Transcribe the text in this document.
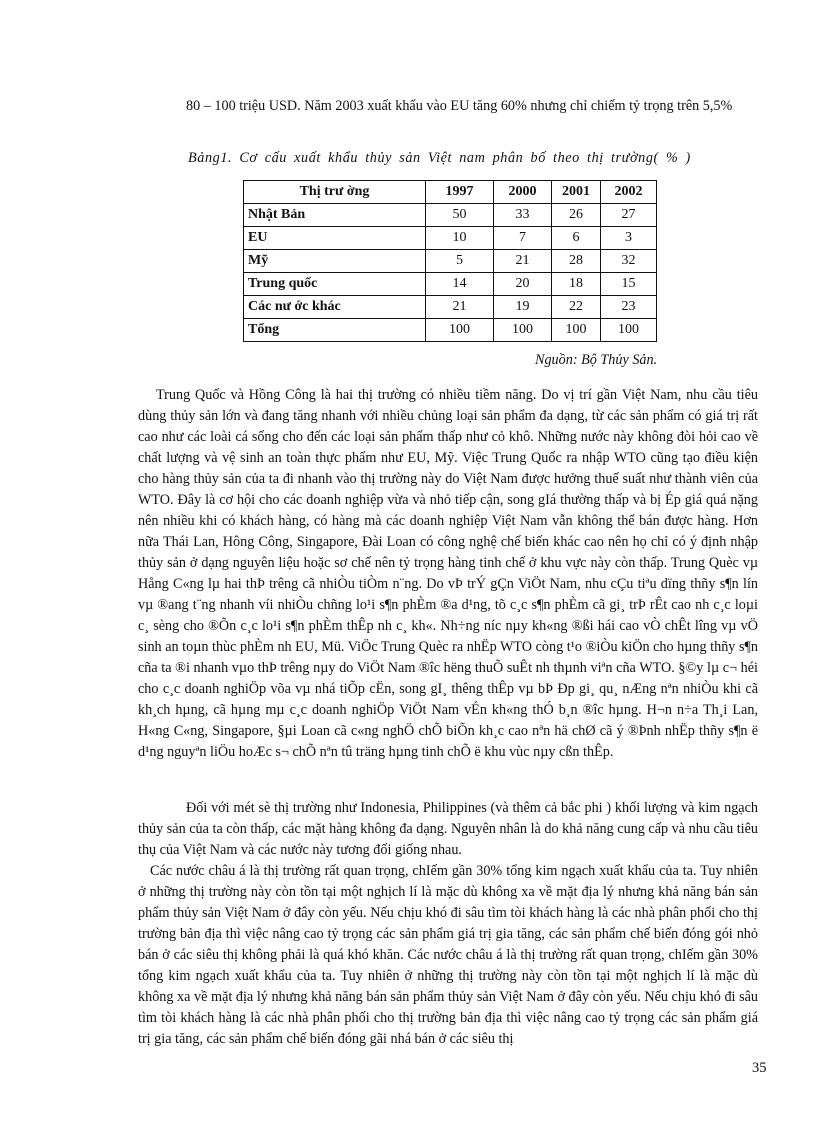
80 – 100 triệu USD. Năm 2003 xuất khẩu vào EU tăng 60% nhưng chỉ chiếm tỷ trọng trên 5,5%

Bảng1. Cơ cấu xuất khẩu thủy sản Việt nam phân bố theo thị trường( % )
Thị trư ờng	1997	2000	2001	2002
Nhật Bản	50	33	26	27
EU	10	7	6	3
Mỹ	5	21	28	32
Trung quốc	14	20	18	15
Các nư ớc khác	21	19	22	23
Tổng	100	100	100	100
Nguồn: Bộ Thủy Sản.

Trung Quốc và Hồng Công là hai thị trường có nhiều tiềm năng. Do vị trí gần Việt Nam, nhu cầu tiêu dùng thủy sản lớn và đang tăng nhanh với nhiều chủng loại sản phẩm đa dạng, từ các sản phẩm có giá trị rất cao như các loài cá sống cho đến các loại sản phẩm thấp như cỏ khô. Những nước này không đòi hỏi cao về chất lượng và vệ sinh an toàn thực phẩm như EU, Mỹ. Việc Trung Quốc ra nhập WTO cũng tạo điều kiện cho hàng thủy sản của ta đi nhanh vào thị trường này do Việt Nam được hưởng thuế suất như thành viên của WTO. Đây là cơ hội cho các doanh nghiệp vừa và nhỏ tiếp cận, song gIá thường thấp và bị Ép giá quá nặng nên nhiều khi có khách hàng, có hàng mà các doanh nghiệp Việt Nam vẫn không thể bán được hàng. Hơn nữa Thái Lan, Hông Công, Singapore, Đài Loan có công nghệ chế biến khác cao nên họ chỉ có ý định nhập thủy sản ở dạng nguyên liệu hoặc sơ chế nên tỷ trọng hàng tinh chế ở khu vực này còn thấp. Trung Quèc vµ Hång C«ng lµ hai thÞ trêng cã nhiÒu tiÒm n¨ng. Do vÞ trÝ gÇn ViÖt Nam, nhu cÇu tiªu dïng thñy s¶n lín vµ ®ang t¨ng nhanh víi nhiÒu chñng lo¹i s¶n phÈm ®a d¹ng, tõ c¸c s¶n phÈm cã gi¸ trÞ rÊt cao nh c¸c loµi c¸ sèng cho ®Õn c¸c lo¹i s¶n phÈm thÊp nh c¸ kh«. Nh÷ng níc nµy kh«ng ®ßi hái cao vÒ chÊt lîng vµ vÖ sinh an toµn thùc phÈm nh EU, Mü. ViÖc Trung Quèc ra nhËp WTO còng t¹o ®iÒu kiÖn cho hµng thñy s¶n cña ta ®i nhanh vµo thÞ trêng nµy do ViÖt Nam ®îc hëng thuÕ suÊt nh thµnh viªn cña WTO. §©y lµ c¬ héi cho c¸c doanh nghiÖp võa vµ nhá tiÕp cËn, song gI¸ thêng thÊp vµ bÞ Ðp gi¸ qu¸ nÆng nªn nhiÒu khi cã kh¸ch hµng, cã hµng mµ c¸c doanh nghiÖp ViÖt Nam vÉn kh«ng thÓ b¸n ®îc hµng. H¬n n÷a Th¸i Lan, H«ng C«ng, Singapore, §µi Loan cã c«ng nghÖ chÕ biÕn kh¸c cao nªn hä chØ cã ý ®Þnh nhËp thñy s¶n ë d¹ng nguyªn liÖu hoÆc s¬ chÕ nªn tû träng hµng tinh chÕ ë khu vùc nµy cßn thÊp.

Đối với mét sè thị trường như Indonesia, Philippines (và thêm cả bắc phi ) khối lượng và kim ngạch thủy sản của ta còn thấp, các mặt hàng không đa dạng. Nguyên nhân là do khả năng cung cấp và nhu cầu tiêu thụ của Việt Nam và các nước này tương đối giống nhau.

Các nước châu á là thị trường rất quan trọng, chIếm gần 30% tổng kim ngạch xuất khẩu của ta. Tuy nhiên ở những thị trường này còn tồn tại một nghịch lí là mặc dù không xa về mặt địa lý nhưng khả năng bán sản phẩm thủy sản Việt Nam ở đây còn yếu. Nếu chịu khó đi sâu tìm tòi khách hàng là các nhà phân phối cho thị trường bản địa thì việc nâng cao tỷ trọng các sản phẩm giá trị gia tăng, các sản phẩm chế biến đóng gói nhỏ bán ở các siêu thị không phải là quá khó khăn. Các nước châu á là thị trường rất quan trọng, chIếm gần 30% tổng kim ngạch xuất khẩu của ta. Tuy nhiên ở những thị trường này còn tồn tại một nghịch lí là mặc dù không xa về mặt địa lý nhưng khả năng bán sản phẩm thủy sản Việt Nam ở đây còn yếu. Nếu chịu khó đi sâu tìm tòi khách hàng là các nhà phân phối cho thị trường bản địa thì việc nâng cao tỷ trọng các sản phẩm giá trị gia tăng, các sản phẩm chế biến đóng gãi nhá bán ở các siêu thị

35
